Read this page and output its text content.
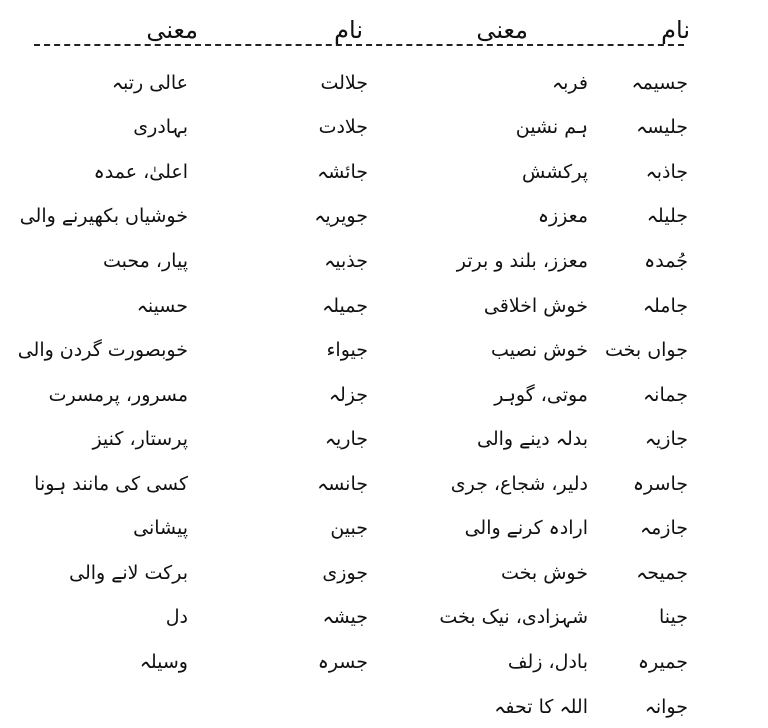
نام
معنی
نام
معنی
جسیمہ
فربہ
جلیسہ
ہم نشین
جاذبہ
پرکشش
جلیلہ
معززہ
جُمدہ
معزز، بلند و برتر
جاملہ
خوش اخلاقی
جواں بخت
خوش نصیب
جمانہ
موتی، گوہر
جازیہ
بدلہ دینے والی
جاسرہ
دلیر، شجاع، جری
جازمہ
ارادہ کرنے والی
جمیحہ
خوش بخت
جینا
شہزادی، نیک بخت
جمیرہ
بادل، زلف
جوانہ
اللہ کا تحفہ
جلالت
عالی رتبہ
جلادت
بہادری
جائشہ
اعلیٰ، عمدہ
جویریہ
خوشیاں بکھیرنے والی
جذبیہ
پیار، محبت
جمیلہ
حسینہ
جیواء
خوبصورت گردن والی
جزلہ
مسرور، پرمسرت
جاریہ
پرستار، کنیز
جانسہ
کسی کی مانند ہونا
جبین
پیشانی
جوزی
برکت لانے والی
جیشہ
دل
جسرہ
وسیلہ
